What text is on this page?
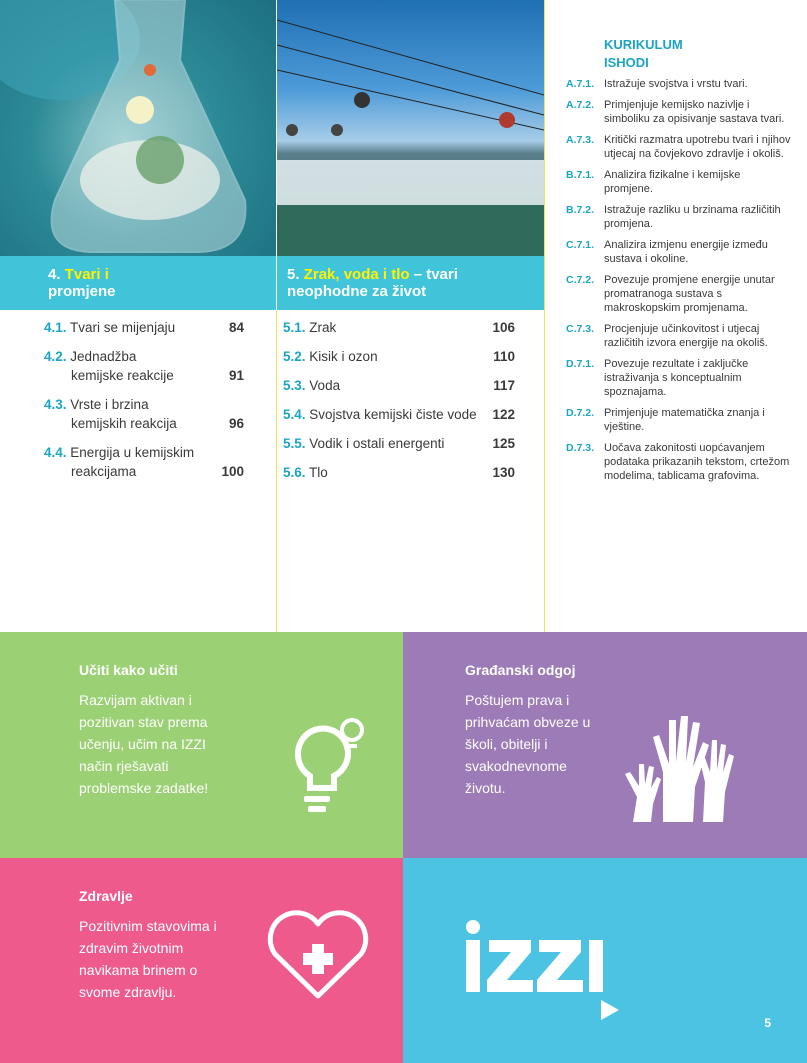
4. Tvari i
promjene
5. Zrak, voda i tlo – tvari
neophodne za život
4.1. Tvari se mijenjaju	84
4.2. Jednadžba
kemijske reakcije	91
4.3. Vrste i brzina
kemijskih reakcija	96
4.4. Energija u kemijskim
reakcijama	100
5.1. Zrak	106
5.2. Kisik i ozon	110
5.3. Voda	117
5.4. Svojstva kemijski čiste vode 122
5.5. Vodik i ostali energenti	125
5.6. Tlo	130
KURIKULUM
ISHODI
A.7.1. Istražuje svojstva i vrstu tvari.
A.7.2. Primjenjuje kemijsko nazivlje i simboliku za opisivanje sastava tvari.
A.7.3. Kritički razmatra upotrebu tvari i njihov utjecaj na čovjekovo zdravlje i okoliš.
B.7.1. Analizira fizikalne i kemijske promjene.
B.7.2. Istražuje razliku u brzinama različitih promjena.
C.7.1. Analizira izmjenu energije između sustava i okoline.
C.7.2. Povezuje promjene energije unutar promatranoga sustava s makroskopskim promjenama.
C.7.3. Procjenjuje učinkovitost i utjecaj različitih izvora energije na okoliš.
D.7.1. Povezuje rezultate i zaključke istraživanja s konceptualnim spoznajama.
D.7.2. Primjenjuje matematička znanja i vještine.
D.7.3. Uočava zakonitosti uopćavanjem podataka prikazanih tekstom, crtežom modelima, tablicama grafovima.
Učiti kako učiti

Razvijam aktivan i pozitivan stav prema učenju, učim na IZZI način rješavati problemske zadatke!

Građanski odgoj

Poštujem prava i prihvaćam obveze u školi, obitelji i svakodnevnome životu.

Zdravlje

Pozitivnim stavovima i zdravim životnim navikama brinem o svome zdravlju.

5
